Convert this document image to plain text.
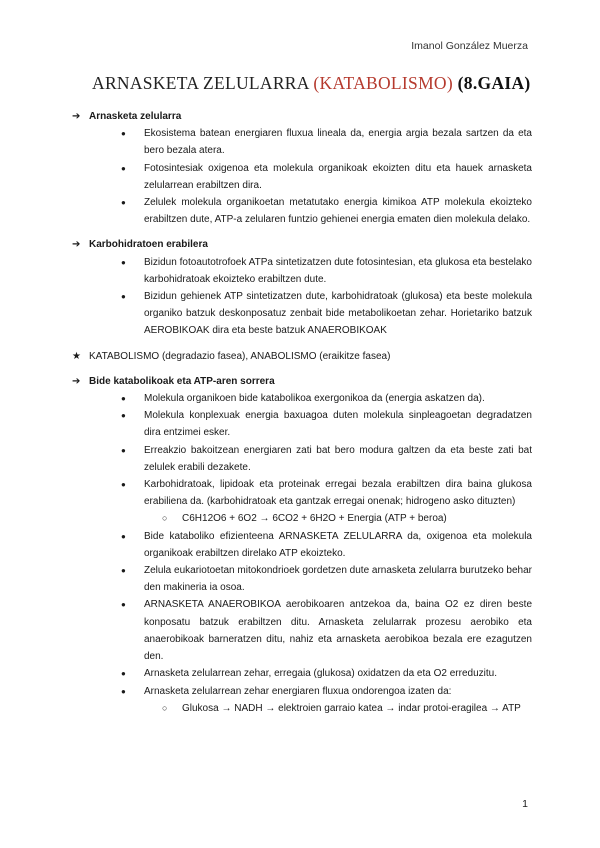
Imanol González Muerza
ARNASKETA ZELULARRA (KATABOLISMO) (8.GAIA)
➔ Arnasketa zelularra
● Ekosistema batean energiaren fluxua lineala da, energia argia bezala sartzen da eta bero bezala atera.
● Fotosintesiak oxigenoa eta molekula organikoak ekoizten ditu eta hauek arnasketa zelularrean erabiltzen dira.
● Zelulek molekula organikoetan metatutako energia kimikoa ATP molekula ekoizteko erabiltzen dute, ATP-a zelularen funtzio gehienei energia ematen dien molekula delako.
➔ Karbohidratoen erabilera
● Bizidun fotoautotrofoek ATPa sintetizatzen dute fotosintesian, eta glukosa eta bestelako karbohidratoak ekoizteko erabiltzen dute.
● Bizidun gehienek ATP sintetizatzen dute, karbohidratoak (glukosa) eta beste molekula organiko batzuk deskonposatuz zenbait bide metabolikoetan zehar. Horietariko batzuk AEROBIKOAK dira eta beste batzuk ANAEROBIKOAK
★ KATABOLISMO (degradazio fasea), ANABOLISMO (eraikitze fasea)
➔ Bide katabolikoak eta ATP-aren sorrera
● Molekula organikoen bide katabolikoa exergonikoa da (energia askatzen da).
● Molekula konplexuak energia baxuagoa duten molekula sinpleagoetan degradatzen dira entzimei esker.
● Erreakzio bakoitzean energiaren zati bat bero modura galtzen da eta beste zati bat zelulek erabili dezakete.
● Karbohidratoak, lipidoak eta proteinak erregai bezala erabiltzen dira baina glukosa erabiliena da. (karbohidratoak eta gantzak erregai onenak; hidrogeno asko dituzten)
○ C6H12O6 + 6O2 → 6CO2 + 6H2O + Energia (ATP + beroa)
● Bide kataboliko efizienteena ARNASKETA ZELULARRA da, oxigenoa eta molekula organikoak erabiltzen direlako ATP ekoizteko.
● Zelula eukariotoetan mitokondrioek gordetzen dute arnasketa zelularra burutzeko behar den makineria ia osoa.
● ARNASKETA ANAEROBIKOA aerobikoaren antzekoa da, baina O2 ez diren beste konposatu batzuk erabiltzen ditu. Arnasketa zelularrak prozesu aerobiko eta anaerobikoak barneratzen ditu, nahiz eta arnasketa aerobikoa bezala ere ezagutzen den.
● Arnasketa zelularrean zehar, erregaia (glukosa) oxidatzen da eta O2 erreduzitu.
● Arnasketa zelularrean zehar energiaren fluxua ondorengoa izaten da:
○ Glukosa → NADH → elektroien garraio katea → indar protoi-eragilea → ATP
1
